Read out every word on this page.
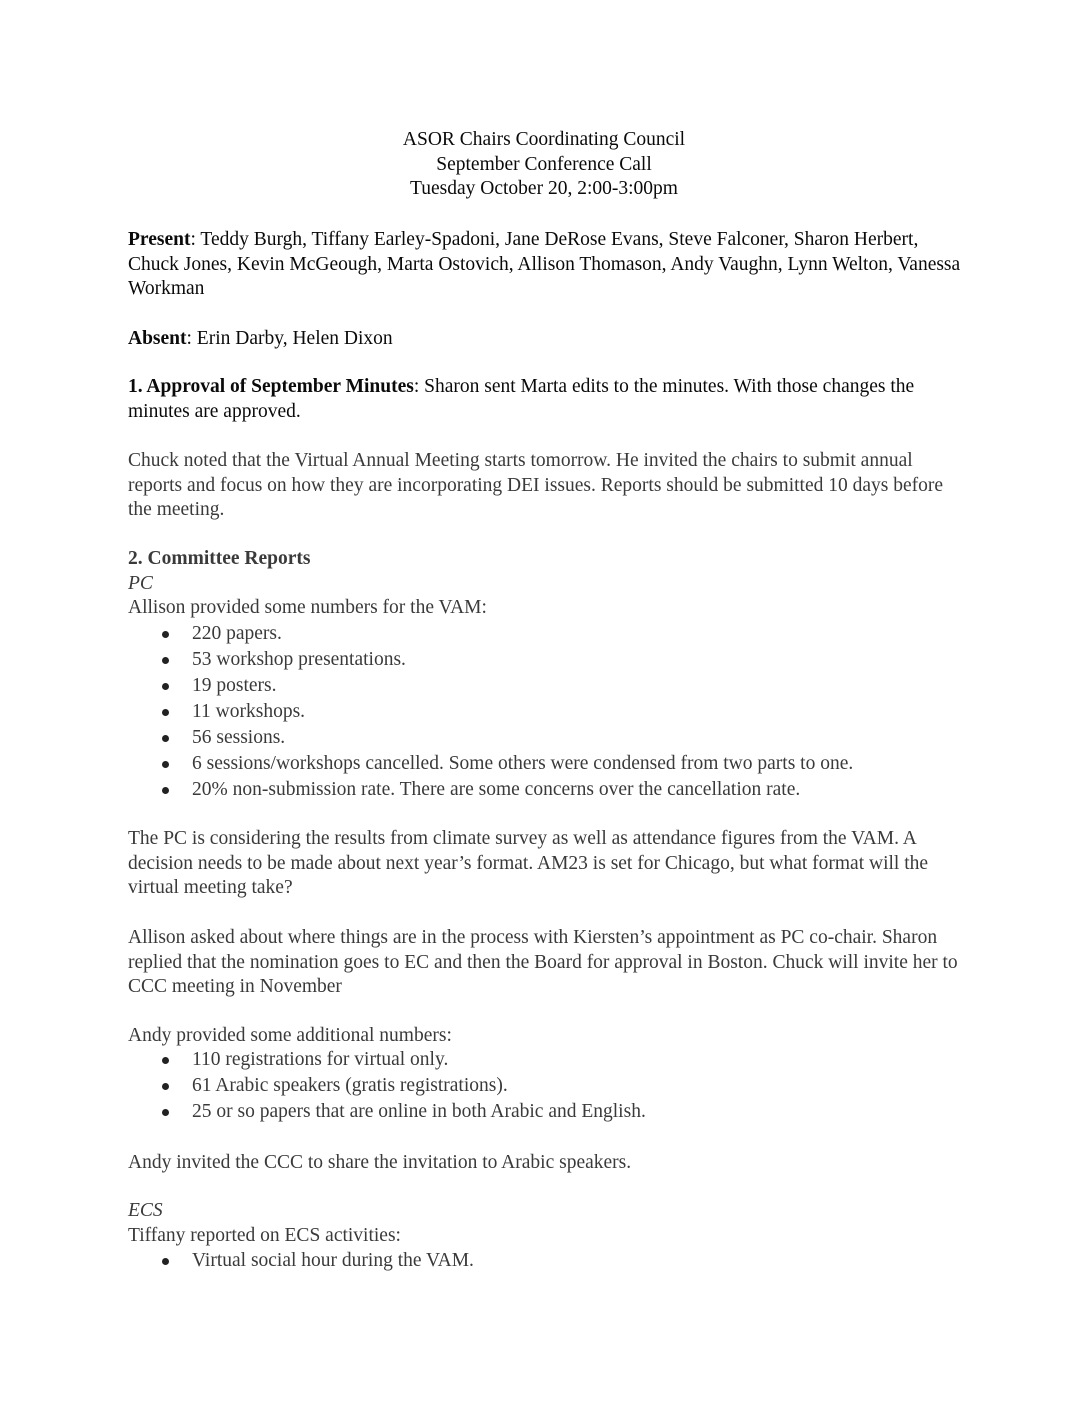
ASOR Chairs Coordinating Council
September Conference Call
Tuesday October 20, 2:00-3:00pm
Present: Teddy Burgh, Tiffany Earley-Spadoni, Jane DeRose Evans, Steve Falconer, Sharon Herbert, Chuck Jones, Kevin McGeough, Marta Ostovich, Allison Thomason, Andy Vaughn, Lynn Welton, Vanessa Workman
Absent: Erin Darby, Helen Dixon
1. Approval of September Minutes: Sharon sent Marta edits to the minutes. With those changes the minutes are approved.
Chuck noted that the Virtual Annual Meeting starts tomorrow. He invited the chairs to submit annual reports and focus on how they are incorporating DEI issues. Reports should be submitted 10 days before the meeting.
2. Committee Reports
PC
Allison provided some numbers for the VAM:
220 papers.
53 workshop presentations.
19 posters.
11 workshops.
56 sessions.
6 sessions/workshops cancelled. Some others were condensed from two parts to one.
20% non-submission rate. There are some concerns over the cancellation rate.
The PC is considering the results from climate survey as well as attendance figures from the VAM. A decision needs to be made about next year’s format. AM23 is set for Chicago, but what format will the virtual meeting take?
Allison asked about where things are in the process with Kiersten’s appointment as PC co-chair. Sharon replied that the nomination goes to EC and then the Board for approval in Boston. Chuck will invite her to CCC meeting in November
Andy provided some additional numbers:
110 registrations for virtual only.
61 Arabic speakers (gratis registrations).
25 or so papers that are online in both Arabic and English.
Andy invited the CCC to share the invitation to Arabic speakers.
ECS
Tiffany reported on ECS activities:
Virtual social hour during the VAM.
